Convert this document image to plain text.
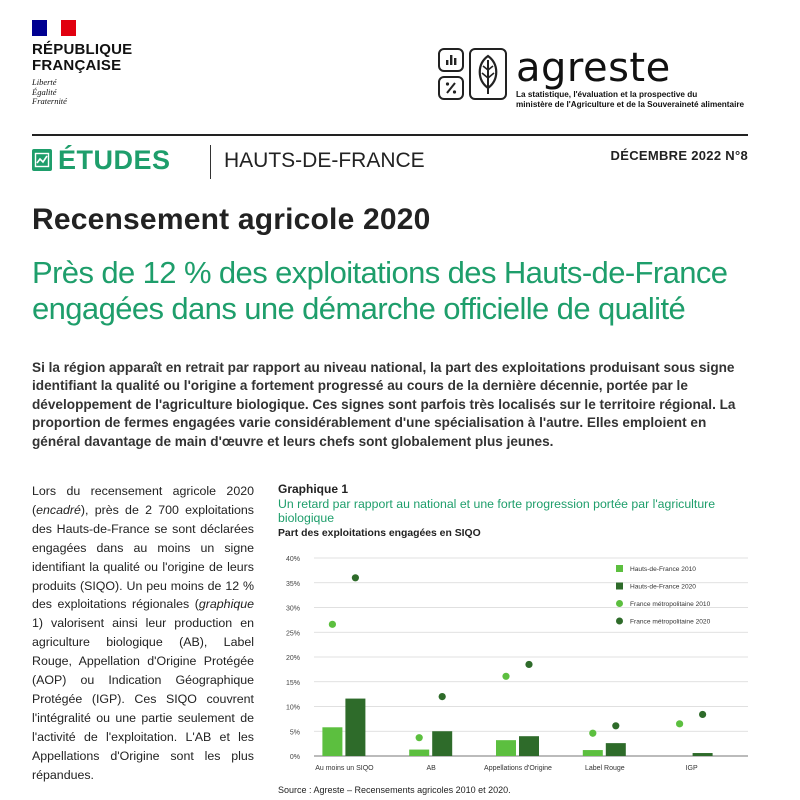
RÉPUBLIQUE
FRANÇAISE
Liberté
Égalité
Fraternité
agreste
La statistique, l'évaluation et la prospective du
ministère de l'Agriculture et de la Souveraineté alimentaire
ÉTUDES	HAUTS-DE-FRANCE	DÉCEMBRE 2022 N°8
Recensement agricole 2020
Près de 12 % des exploitations des Hauts-de-France engagées dans une démarche officielle de qualité
Si la région apparaît en retrait par rapport au niveau national, la part des exploitations produisant sous signe identifiant la qualité ou l'origine a fortement progressé au cours de la dernière décennie, portée par le développement de l'agriculture biologique. Ces signes sont parfois très localisés sur le territoire régional. La proportion de fermes engagées varie considérablement d'une spécialisation à l'autre. Elles emploient en général davantage de main d'œuvre et leurs chefs sont globalement plus jeunes.
Lors du recensement agricole 2020 (encadré), près de 2 700 exploitations des Hauts-de-France se sont déclarées engagées dans au moins un signe identifiant la qualité ou l'origine de leurs produits (SIQO). Un peu moins de 12 % des exploitations régionales (graphique 1) valorisent ainsi leur production en agriculture biologique (AB), Label Rouge, Appellation d'Origine Protégée (AOP) ou Indication Géographique Protégée (IGP). Ces SIQO couvrent l'intégralité ou une partie seulement de l'activité de l'exploitation. L'AB et les Appellations d'Origine sont les plus répandues.
Graphique 1
Un retard par rapport au national et une forte progression portée par l'agriculture biologique
Part des exploitations engagées en SIQO
0%
5%
10%
15%
20%
25%
30%
35%
40%
Au moins un SIQO	AB	Appellations d'Origine	Label Rouge	IGP
Hauts-de-France 2010
Hauts-de-France 2020
France métropolitaine 2010
France métropolitaine 2020
Source : Agreste – Recensements agricoles 2010 et 2020.
